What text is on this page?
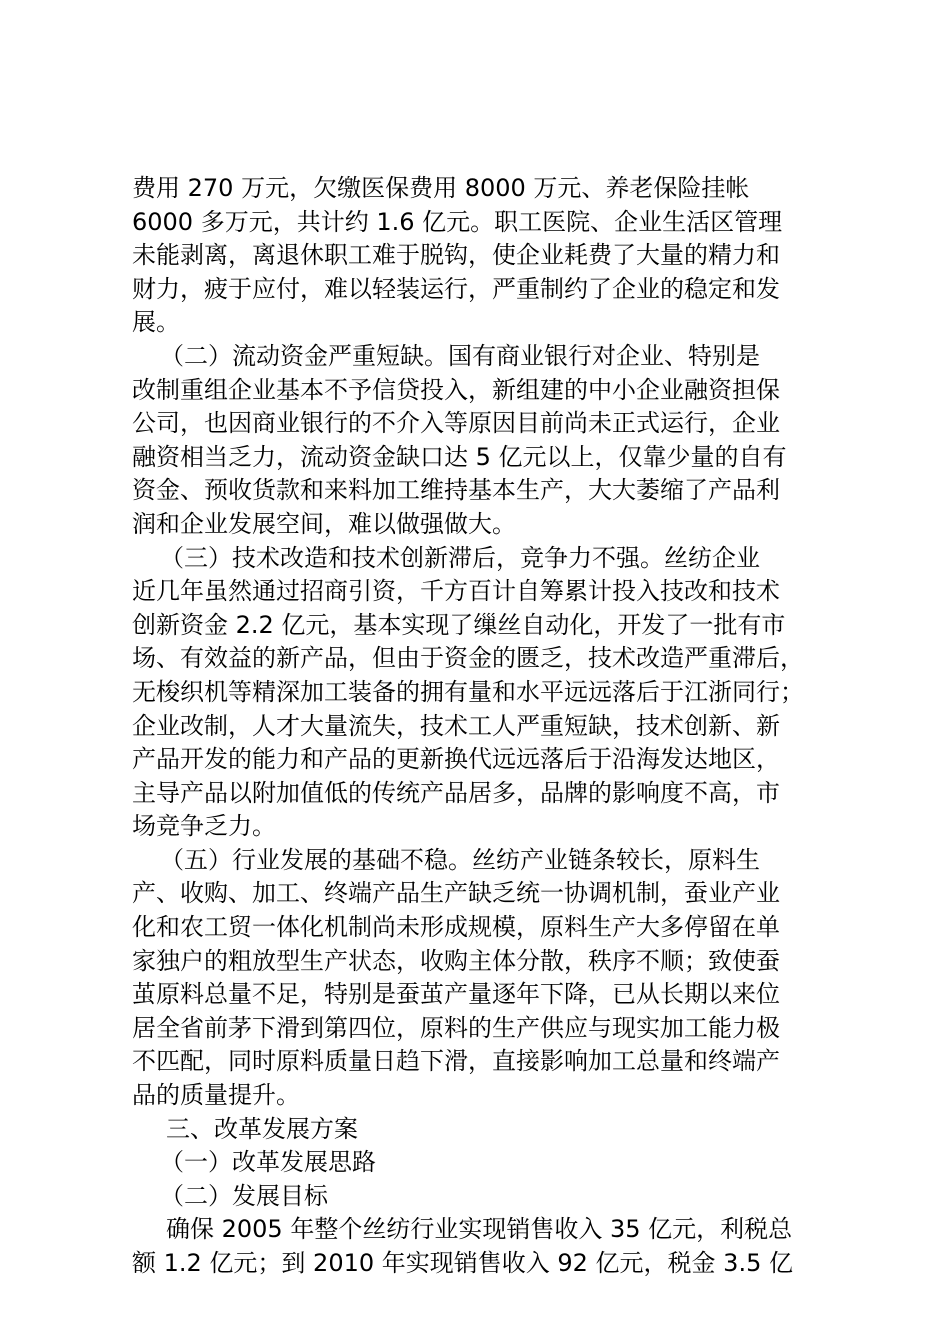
费用 270 万元，欠缴医保费用 8000 万元、养老保险挂帐
6000 多万元，共计约 1.6 亿元。职工医院、企业生活区管理
未能剥离，离退休职工难于脱钩，使企业耗费了大量的精力和
财力，疲于应付，难以轻装运行，严重制约了企业的稳定和发
展。
（二）流动资金严重短缺。国有商业银行对企业、特别是
改制重组企业基本不予信贷投入，新组建的中小企业融资担保
公司，也因商业银行的不介入等原因目前尚未正式运行，企业
融资相当乏力，流动资金缺口达 5 亿元以上，仅靠少量的自有
资金、预收货款和来料加工维持基本生产，大大萎缩了产品利
润和企业发展空间，难以做强做大。
（三）技术改造和技术创新滞后，竞争力不强。丝纺企业
近几年虽然通过招商引资，千方百计自筹累计投入技改和技术
创新资金 2.2 亿元，基本实现了缫丝自动化，开发了一批有市
场、有效益的新产品，但由于资金的匮乏，技术改造严重滞后，
无梭织机等精深加工装备的拥有量和水平远远落后于江浙同行；
企业改制，人才大量流失，技术工人严重短缺，技术创新、新
产品开发的能力和产品的更新换代远远落后于沿海发达地区，
主导产品以附加值低的传统产品居多，品牌的影响度不高，市
场竞争乏力。
（五）行业发展的基础不稳。丝纺产业链条较长，原料生
产、收购、加工、终端产品生产缺乏统一协调机制，蚕业产业
化和农工贸一体化机制尚未形成规模，原料生产大多停留在单
家独户的粗放型生产状态，收购主体分散，秩序不顺；致使蚕
茧原料总量不足，特别是蚕茧产量逐年下降，已从长期以来位
居全省前茅下滑到第四位，原料的生产供应与现实加工能力极
不匹配，同时原料质量日趋下滑，直接影响加工总量和终端产
品的质量提升。
三、改革发展方案
（一）改革发展思路
（二）发展目标
确保 2005 年整个丝纺行业实现销售收入 35 亿元，利税总
额 1.2 亿元；到 2010 年实现销售收入 92 亿元，税金 3.5 亿
